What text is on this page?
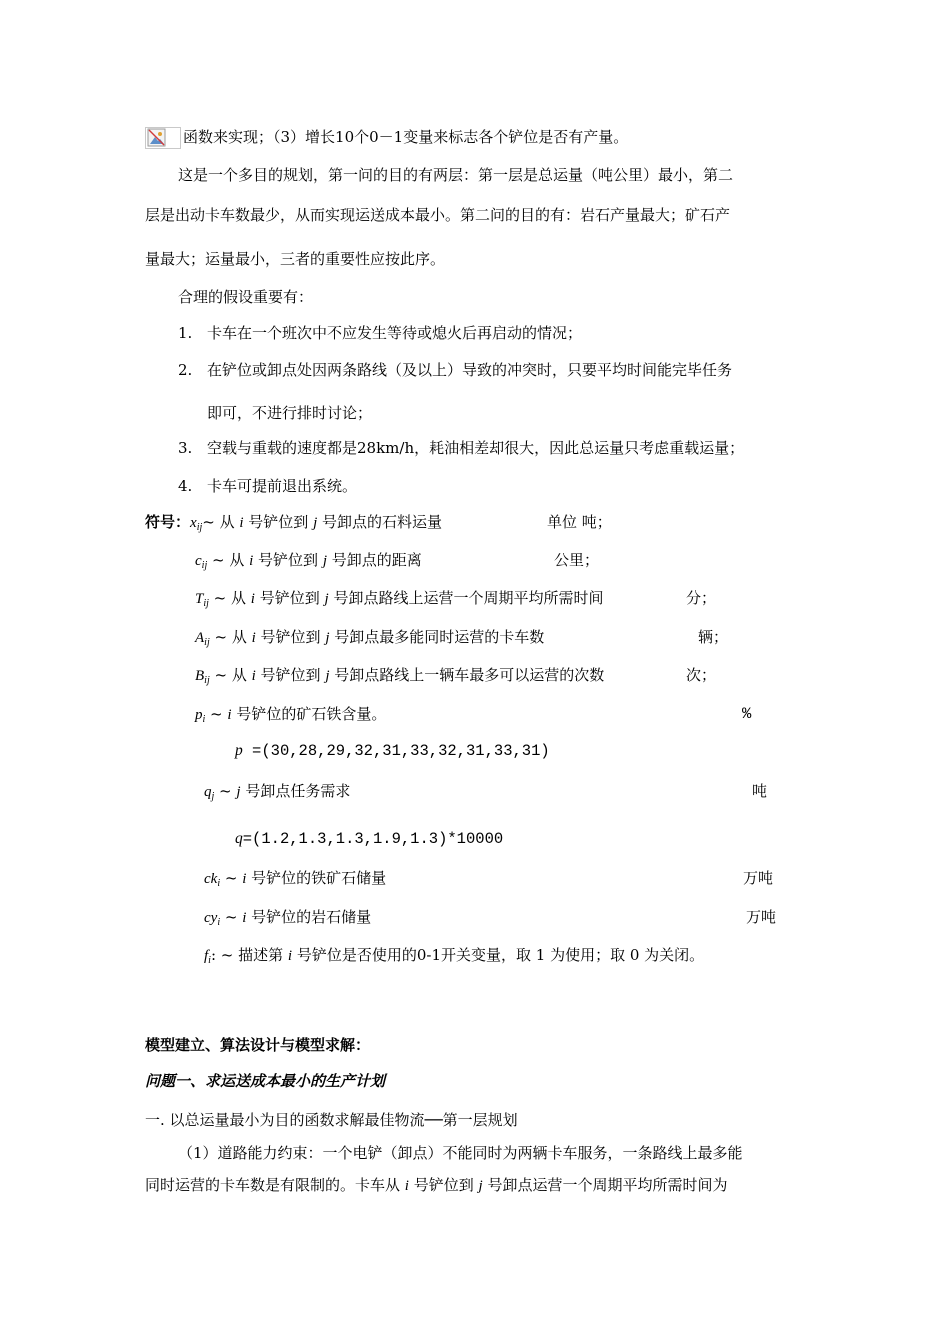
函数来实现；（3）增长10个0－1变量来标志各个铲位是否有产量。
这是一个多目的规划，第一问的目的有两层：第一层是总运量（吨公里）最小，第二
层是出动卡车数最少，从而实现运送成本最小。第二问的目的有：岩石产量最大；矿石产
量最大；运量最小，三者的重要性应按此序。
合理的假设重要有：
1. 卡车在一个班次中不应发生等待或熄火后再启动的情况；
2. 在铲位或卸点处因两条路线（及以上）导致的冲突时，只要平均时间能完毕任务
即可，不进行排时讨论；
3. 空载与重载的速度都是28km/h，耗油相差却很大，因此总运量只考虑重载运量；
4. 卡车可提前退出系统。
符号：$x_{ij}\sim$ 从 i 号铲位到 j 号卸点的石料运量	单位 吨；
$c_{ij}$ ~ 从 i 号铲位到 j 号卸点的距离	公里；
$T_{ij}$ ~ 从 i 号铲位到 j 号卸点路线上运营一个周期平均所需时间	分；
$A_{ij}$ ~ 从 i 号铲位到 j 号卸点最多能同时运营的卡车数	辆；
$B_{ij}$ ~ 从 i 号铲位到 j 号卸点路线上一辆车最多可以运营的次数	次；
$p_i$ ~ i 号铲位的矿石铁含量。	%
p =(30,28,29,32,31,33,32,31,33,31)
$q_j$ ~ j 号卸点任务需求	吨
q=(1.2,1.3,1.3,1.9,1.3)*10000
$ck_i$ ~ i 号铲位的铁矿石储量	万吨
$cy_i$ ~ i 号铲位的岩石储量	万吨
$f_i$: ~ 描述第 i 号铲位是否使用的0-1开关变量，取 1 为使用；取 0 为关闭。
模型建立、算法设计与模型求解：
问题一、求运送成本最小的生产计划
一. 以总运量最小为目的函数求解最佳物流──第一层规划
（1）道路能力约束：一个电铲（卸点）不能同时为两辆卡车服务，一条路线上最多能
同时运营的卡车数是有限制的。卡车从 i 号铲位到 j 号卸点运营一个周期平均所需时间为
